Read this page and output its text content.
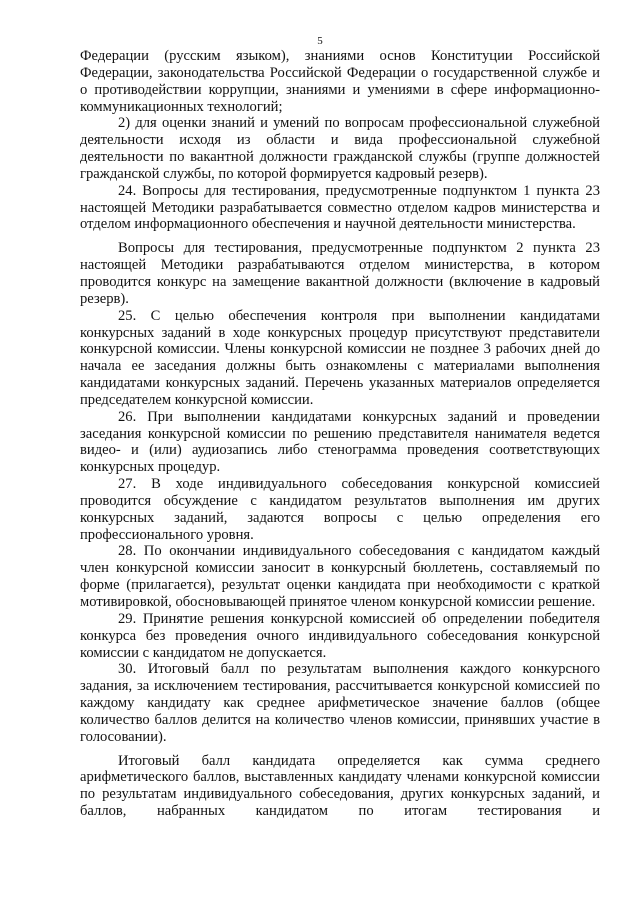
5

Федерации (русским языком), знаниями основ Конституции Российской Федерации, законодательства Российской Федерации о государственной службе и о противодействии коррупции, знаниями и умениями в сфере информационно-коммуникационных технологий;

2) для оценки знаний и умений по вопросам профессиональной служебной деятельности исходя из области и вида профессиональной служебной деятельности по вакантной должности гражданской службы (группе должностей гражданской службы, по которой формируется кадровый резерв).

24. Вопросы для тестирования, предусмотренные подпунктом 1 пункта 23 настоящей Методики разрабатывается совместно отделом кадров министерства и отделом информационного обеспечения и научной деятельности министерства.

Вопросы для тестирования, предусмотренные подпунктом 2 пункта 23 настоящей Методики разрабатываются отделом министерства, в котором проводится конкурс на замещение вакантной должности (включение в кадровый резерв).

25. С целью обеспечения контроля при выполнении кандидатами конкурсных заданий в ходе конкурсных процедур присутствуют представители конкурсной комиссии. Члены конкурсной комиссии не позднее 3 рабочих дней до начала ее заседания должны быть ознакомлены с материалами выполнения кандидатами конкурсных заданий. Перечень указанных материалов определяется председателем конкурсной комиссии.

26. При выполнении кандидатами конкурсных заданий и проведении заседания конкурсной комиссии по решению представителя нанимателя ведется видео- и (или) аудиозапись либо стенограмма проведения соответствующих конкурсных процедур.

27. В ходе индивидуального собеседования конкурсной комиссией проводится обсуждение с кандидатом результатов выполнения им других конкурсных заданий, задаются вопросы с целью определения его профессионального уровня.

28. По окончании индивидуального собеседования с кандидатом каждый член конкурсной комиссии заносит в конкурсный бюллетень, составляемый по форме (прилагается), результат оценки кандидата при необходимости с краткой мотивировкой, обосновывающей принятое членом конкурсной комиссии решение.

29. Принятие решения конкурсной комиссией об определении победителя конкурса без проведения очного индивидуального собеседования конкурсной комиссии с кандидатом не допускается.

30. Итоговый балл по результатам выполнения каждого конкурсного задания, за исключением тестирования, рассчитывается конкурсной комиссией по каждому кандидату как среднее арифметическое значение баллов (общее количество баллов делится на количество членов комиссии, принявших участие в голосовании).

Итоговый балл кандидата определяется как сумма среднего арифметического баллов, выставленных кандидату членами конкурсной комиссии по результатам индивидуального собеседования, других конкурсных заданий, и баллов, набранных кандидатом по итогам тестирования и
